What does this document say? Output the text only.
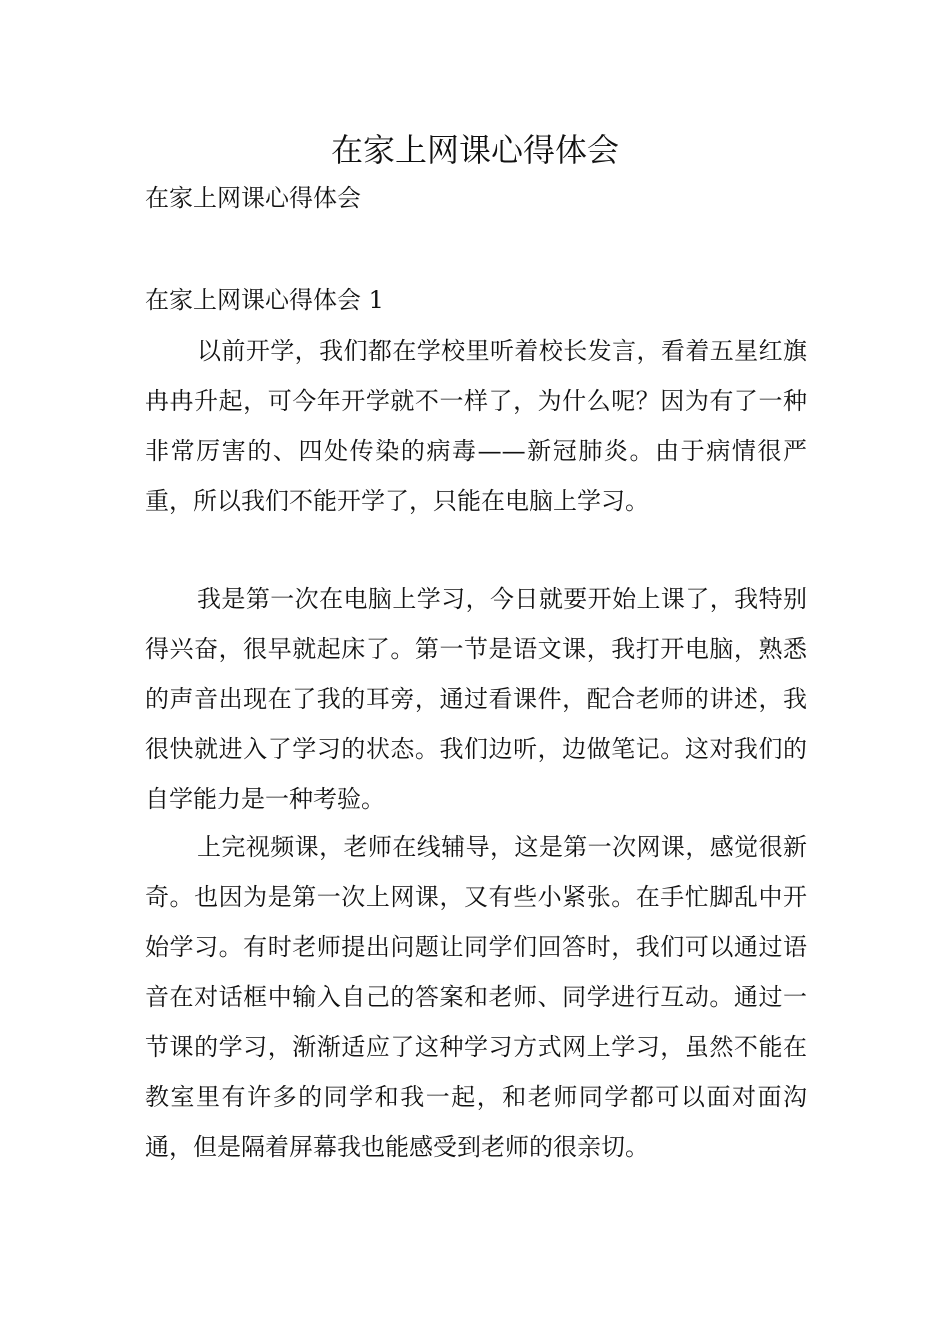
在家上网课心得体会

在家上网课心得体会

在家上网课心得体会 1

以前开学，我们都在学校里听着校长发言，看着五星红旗冉冉升起，可今年开学就不一样了，为什么呢？因为有了一种非常厉害的、四处传染的病毒——新冠肺炎。由于病情很严重，所以我们不能开学了，只能在电脑上学习。

我是第一次在电脑上学习，今日就要开始上课了，我特别得兴奋，很早就起床了。第一节是语文课，我打开电脑，熟悉的声音出现在了我的耳旁，通过看课件，配合老师的讲述，我很快就进入了学习的状态。我们边听，边做笔记。这对我们的自学能力是一种考验。

上完视频课，老师在线辅导，这是第一次网课，感觉很新奇。也因为是第一次上网课，又有些小紧张。在手忙脚乱中开始学习。有时老师提出问题让同学们回答时，我们可以通过语音在对话框中输入自己的答案和老师、同学进行互动。通过一节课的学习，渐渐适应了这种学习方式网上学习，虽然不能在教室里有许多的同学和我一起，和老师同学都可以面对面沟通，但是隔着屏幕我也能感受到老师的很亲切。
